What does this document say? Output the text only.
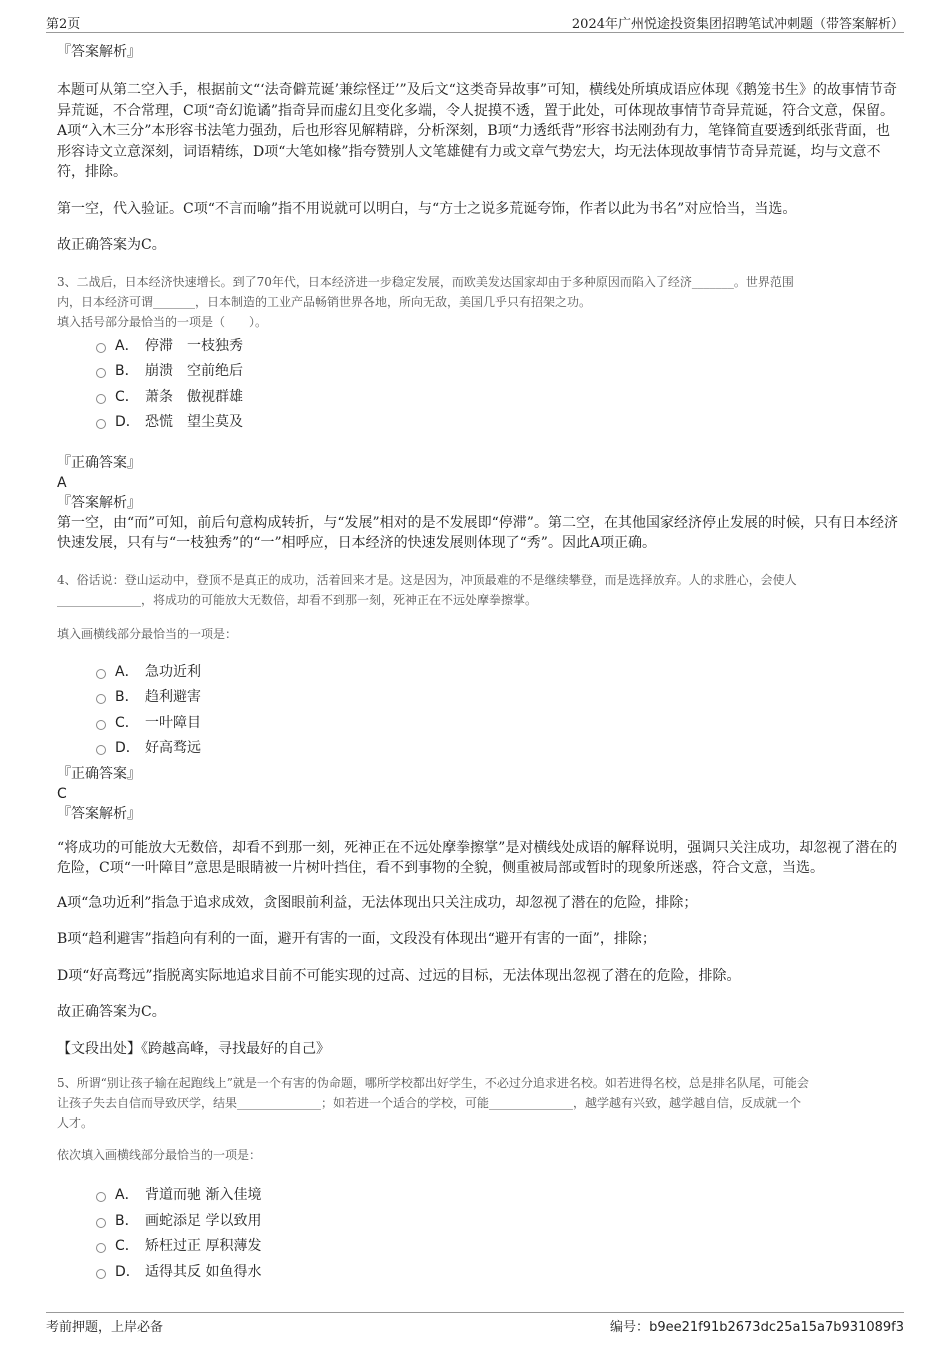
第2页	2024年广州悦途投资集团招聘笔试冲刺题（带答案解析）

『答案解析』

本题可从第二空入手，根据前文“‘法奇僻荒诞’兼综怪迂’”及后文“这类奇异故事”可知，横线处所填成语应体现《鹅笼书生》的故事情节奇异荒诞，不合常理，C项“奇幻诡谲”指奇异而虚幻且变化多端，令人捉摸不透，置于此处，可体现故事情节奇异荒诞，符合文意，保留。A项“入木三分”本形容书法笔力强劲，后也形容见解精辟，分析深刻，B项“力透纸背”形容书法刚劲有力，笔锋简直要透到纸张背面，也形容诗文立意深刻，词语精练，D项“大笔如椽”指夸赞别人文笔雄健有力或文章气势宏大，均无法体现故事情节奇异荒诞，均与文意不符，排除。

第一空，代入验证。C项“不言而喻”指不用说就可以明白，与“方士之说多荒诞夸饰，作者以此为书名”对应恰当，当选。

故正确答案为C。

3、二战后，日本经济快速增长。到了70年代，日本经济进一步稳定发展，而欧美发达国家却由于多种原因而陷入了经济_______。世界范围

内，日本经济可谓_______，日本制造的工业产品畅销世界各地，所向无敌，美国几乎只有招架之功。

填入括号部分最恰当的一项是（　　）。

A． 停滞　一枝独秀
B． 崩溃　空前绝后
C． 萧条　傲视群雄
D． 恐慌　望尘莫及

『正确答案』

A

『答案解析』

第一空，由“而”可知，前后句意构成转折，与“发展”相对的是不发展即“停滞”。第二空，在其他国家经济停止发展的时候，只有日本经济快速发展，只有与“一枝独秀”的“一”相呼应，日本经济的快速发展则体现了“秀”。因此A项正确。

4、俗话说：登山运动中，登顶不是真正的成功，活着回来才是。这是因为，冲顶最难的不是继续攀登，而是选择放弃。人的求胜心，会使人

______________，将成功的可能放大无数倍，却看不到那一刻，死神正在不远处摩拳擦掌。

填入画横线部分最恰当的一项是：

A． 急功近利
B． 趋利避害
C． 一叶障目
D． 好高骛远

『正确答案』

C

『答案解析』

“将成功的可能放大无数倍，却看不到那一刻，死神正在不远处摩拳擦掌”是对横线处成语的解释说明，强调只关注成功，却忽视了潜在的危险，C项“一叶障目”意思是眼睛被一片树叶挡住，看不到事物的全貌，侧重被局部或暂时的现象所迷惑，符合文意，当选。

A项“急功近利”指急于追求成效，贪图眼前利益，无法体现出只关注成功，却忽视了潜在的危险，排除；

B项“趋利避害”指趋向有利的一面，避开有害的一面，文段没有体现出“避开有害的一面”，排除；

D项“好高骛远”指脱离实际地追求目前不可能实现的过高、过远的目标，无法体现出忽视了潜在的危险，排除。

故正确答案为C。

【文段出处】《跨越高峰，寻找最好的自己》

5、所谓“别让孩子输在起跑线上”就是一个有害的伪命题，哪所学校都出好学生，不必过分追求进名校。如若进得名校，总是排名队尾，可能会

让孩子失去自信而导致厌学，结果______________；如若进一个适合的学校，可能______________，越学越有兴致，越学越自信，反成就一个

人才。

依次填入画横线部分最恰当的一项是：

A． 背道而驰 渐入佳境
B． 画蛇添足 学以致用
C． 矫枉过正 厚积薄发
D． 适得其反 如鱼得水
考前押题，上岸必备	编号：b9ee21f91b2673dc25a15a7b931089f3
